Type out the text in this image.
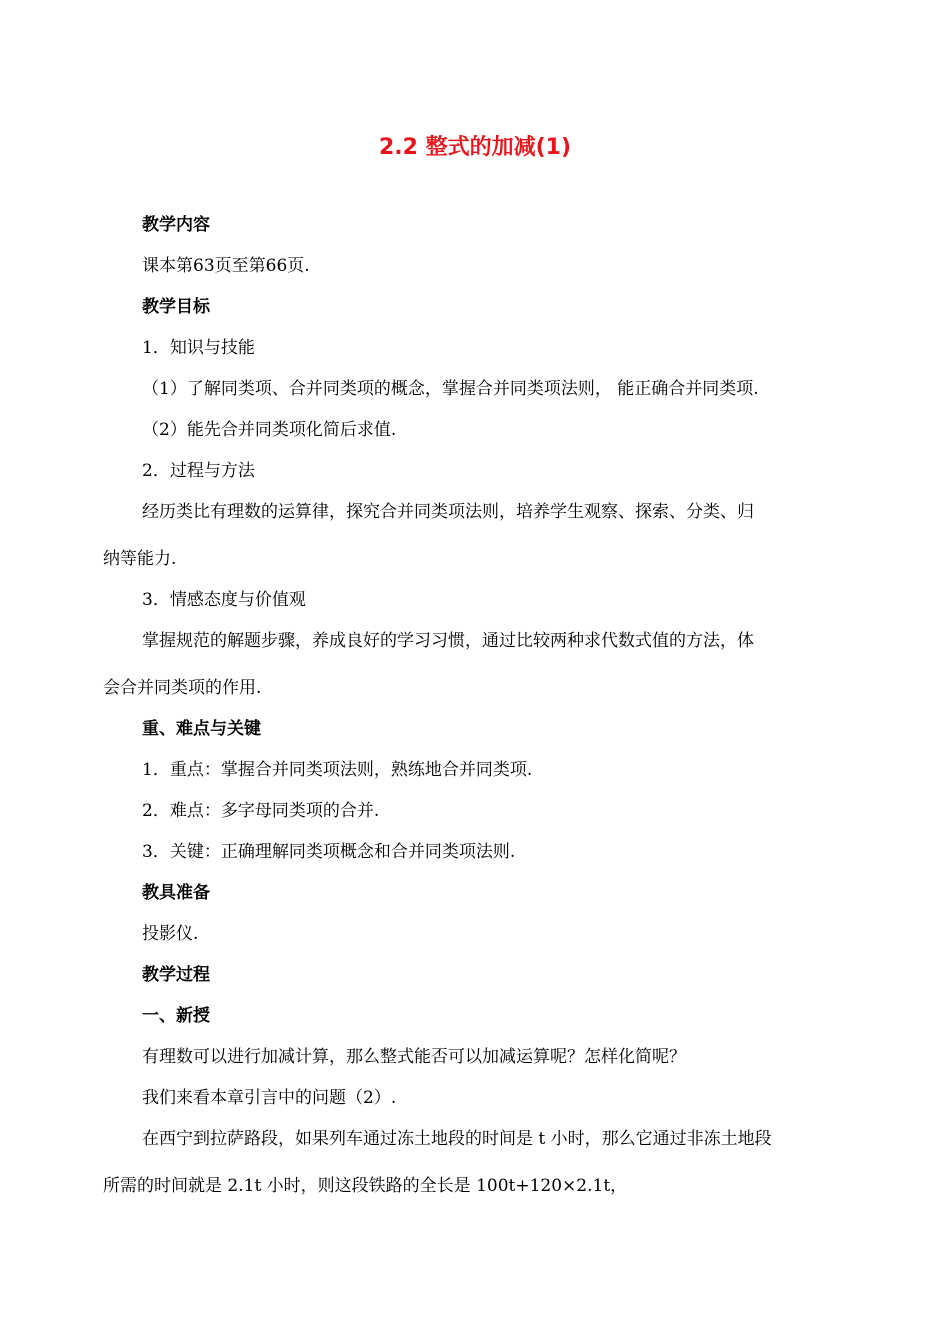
2.2 整式的加减(1)
教学内容
课本第63页至第66页.
教学目标
1．知识与技能
（1）了解同类项、合并同类项的概念，掌握合并同类项法则， 能正确合并同类项.
（2）能先合并同类项化简后求值.
2．过程与方法
经历类比有理数的运算律，探究合并同类项法则，培养学生观察、探索、分类、归
纳等能力.
3．情感态度与价值观
掌握规范的解题步骤，养成良好的学习习惯，通过比较两种求代数式值的方法，体
会合并同类项的作用.
重、难点与关键
1．重点：掌握合并同类项法则，熟练地合并同类项.
2．难点：多字母同类项的合并.
3．关键：正确理解同类项概念和合并同类项法则.
教具准备
投影仪.
教学过程
一、新授
有理数可以进行加减计算，那么整式能否可以加减运算呢？怎样化简呢？
我们来看本章引言中的问题（2）.
在西宁到拉萨路段，如果列车通过冻土地段的时间是 t 小时，那么它通过非冻土地段
所需的时间就是 2.1t 小时，则这段铁路的全长是 100t+120×2.1t，
